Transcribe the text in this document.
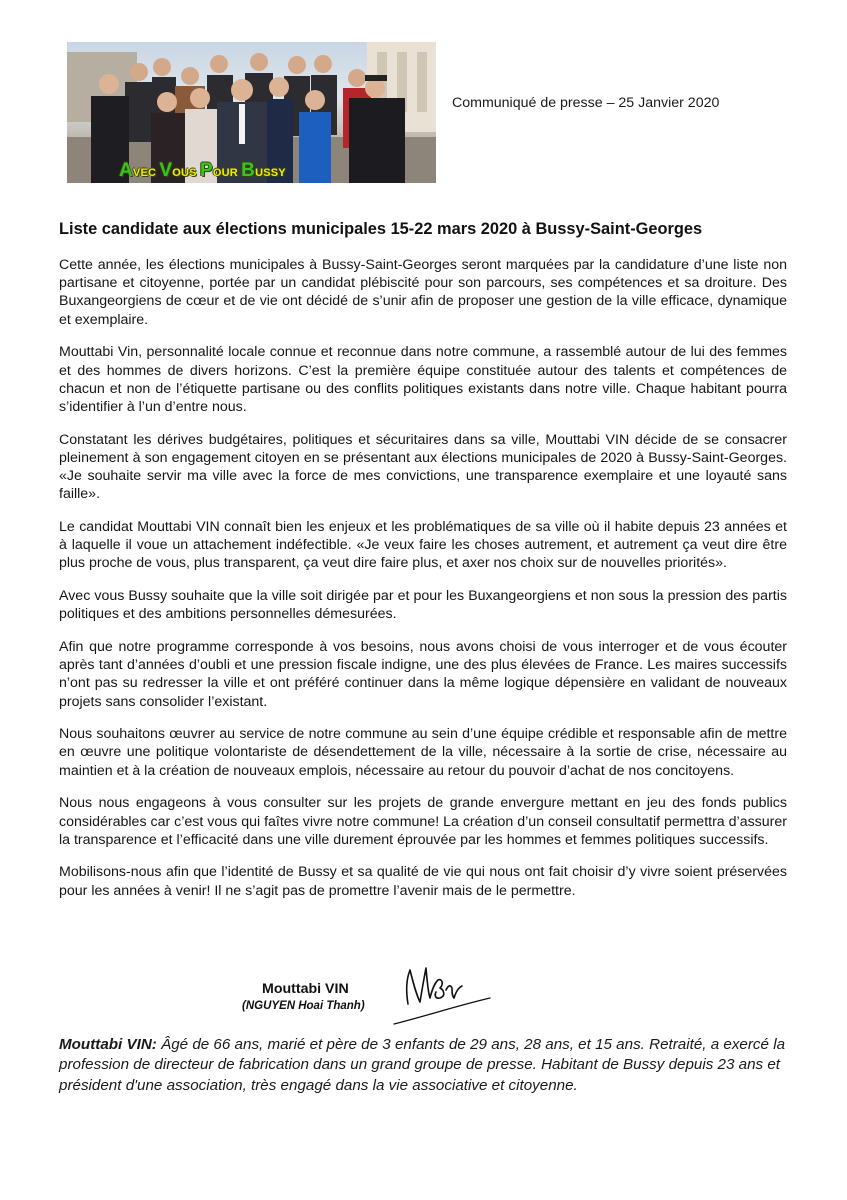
AVEC VOUS POUR BUSSY
Communiqué de presse – 25 Janvier 2020
Liste candidate aux élections municipales 15-22 mars 2020 à Bussy-Saint-Georges

Cette année, les élections municipales à Bussy-Saint-Georges seront marquées par la candidature d’une liste non partisane et citoyenne, portée par un candidat plébiscité pour son parcours, ses compétences et sa droiture. Des Buxangeorgiens de cœur et de vie ont décidé de s’unir afin de proposer une gestion de la ville efficace, dynamique et exemplaire.

Mouttabi Vin, personnalité locale connue et reconnue dans notre commune, a rassemblé autour de lui des femmes et des hommes de divers horizons. C’est la première équipe constituée autour des talents et compétences de chacun et non de l’étiquette partisane ou des conflits politiques existants dans notre ville. Chaque habitant pourra s’identifier à l’un d’entre nous.

Constatant les dérives budgétaires, politiques et sécuritaires dans sa ville, Mouttabi VIN décide de se consacrer pleinement à son engagement citoyen en se présentant aux élections municipales de 2020 à Bussy-Saint-Georges. «Je souhaite servir ma ville avec la force de mes convictions, une transparence exemplaire et une loyauté sans faille».

Le candidat Mouttabi VIN connaît bien les enjeux et les problématiques de sa ville où il habite depuis 23 années et à laquelle il voue un attachement indéfectible. «Je veux faire les choses autrement, et autrement ça veut dire être plus proche de vous, plus transparent, ça veut dire faire plus, et axer nos choix sur de nouvelles priorités».

Avec vous Bussy souhaite que la ville soit dirigée par et pour les Buxangeorgiens et non sous la pression des partis politiques et des ambitions personnelles démesurées.

Afin que notre programme corresponde à vos besoins, nous avons choisi de vous interroger et de vous écouter après tant d’années d’oubli et une pression fiscale indigne, une des plus élevées de France. Les maires successifs n’ont pas su redresser la ville et ont préféré continuer dans la même logique dépensière en validant de nouveaux projets sans consolider l’existant.

Nous souhaitons œuvrer au service de notre commune au sein d’une équipe crédible et responsable afin de mettre en œuvre une politique volontariste de désendettement de la ville, nécessaire à la sortie de crise, nécessaire au maintien et à la création de nouveaux emplois, nécessaire au retour du pouvoir d’achat de nos concitoyens.

Nous nous engageons à vous consulter sur les projets de grande envergure mettant en jeu des fonds publics considérables car c’est vous qui faîtes vivre notre commune! La création d’un conseil consultatif permettra d’assurer la transparence et l’efficacité dans une ville durement éprouvée par les hommes et femmes politiques successifs.

Mobilisons-nous afin que l’identité de Bussy et sa qualité de vie qui nous ont fait choisir d’y vivre soient préservées pour les années à venir! Il ne s’agit pas de promettre l’avenir mais de le permettre.

Mouttabi VIN
(NGUYEN Hoai Thanh)
Mouttabi VIN: Âgé de 66 ans, marié et père de 3 enfants de 29 ans, 28 ans, et 15 ans. Retraité, a exercé la profession de directeur de fabrication dans un grand groupe de presse. Habitant de Bussy depuis 23 ans et président d'une association, très engagé dans la vie associative et citoyenne.
